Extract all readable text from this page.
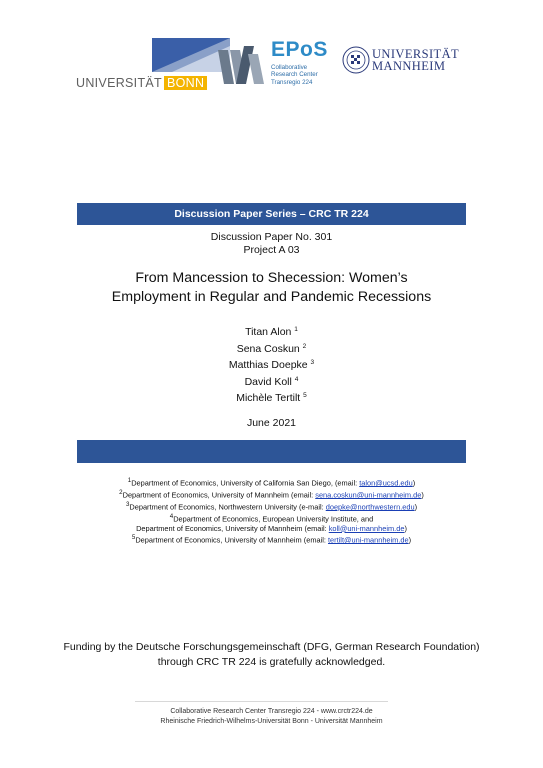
UNIVERSITÄT BONN
EPoS
Collaborative
Research Center
Transregio 224
UNIVERSITÄT
MANNHEIM
Discussion Paper Series – CRC TR 224
Discussion Paper No. 301
Project A 03
From Mancession to Shecession: Women’s
Employment in Regular and Pandemic Recessions
Titan Alon $^1$
Sena Coskun $^2$
Matthias Doepke $^3$
David Koll $^4$
Michèle Tertilt $^5$
June 2021
$^1$Department of Economics, University of California San Diego, (email: talon@ucsd.edu)
$^2$Department of Economics, University of Mannheim (email: sena.coskun@uni-mannheim.de)
$^3$Department of Economics, Northwestern University (e-mail: doepke@northwestern.edu)
$^4$Department of Economics, European University Institute, and
Department of Economics, University of Mannheim (email: koll@uni-mannheim.de)
$^5$Department of Economics, University of Mannheim (email: tertilt@uni-mannheim.de)
Funding by the Deutsche Forschungsgemeinschaft (DFG, German Research Foundation)
through CRC TR 224 is gratefully acknowledged.
Collaborative Research Center Transregio 224 - www.crctr224.de
Rheinische Friedrich-Wilhelms-Universität Bonn - Universität Mannheim
